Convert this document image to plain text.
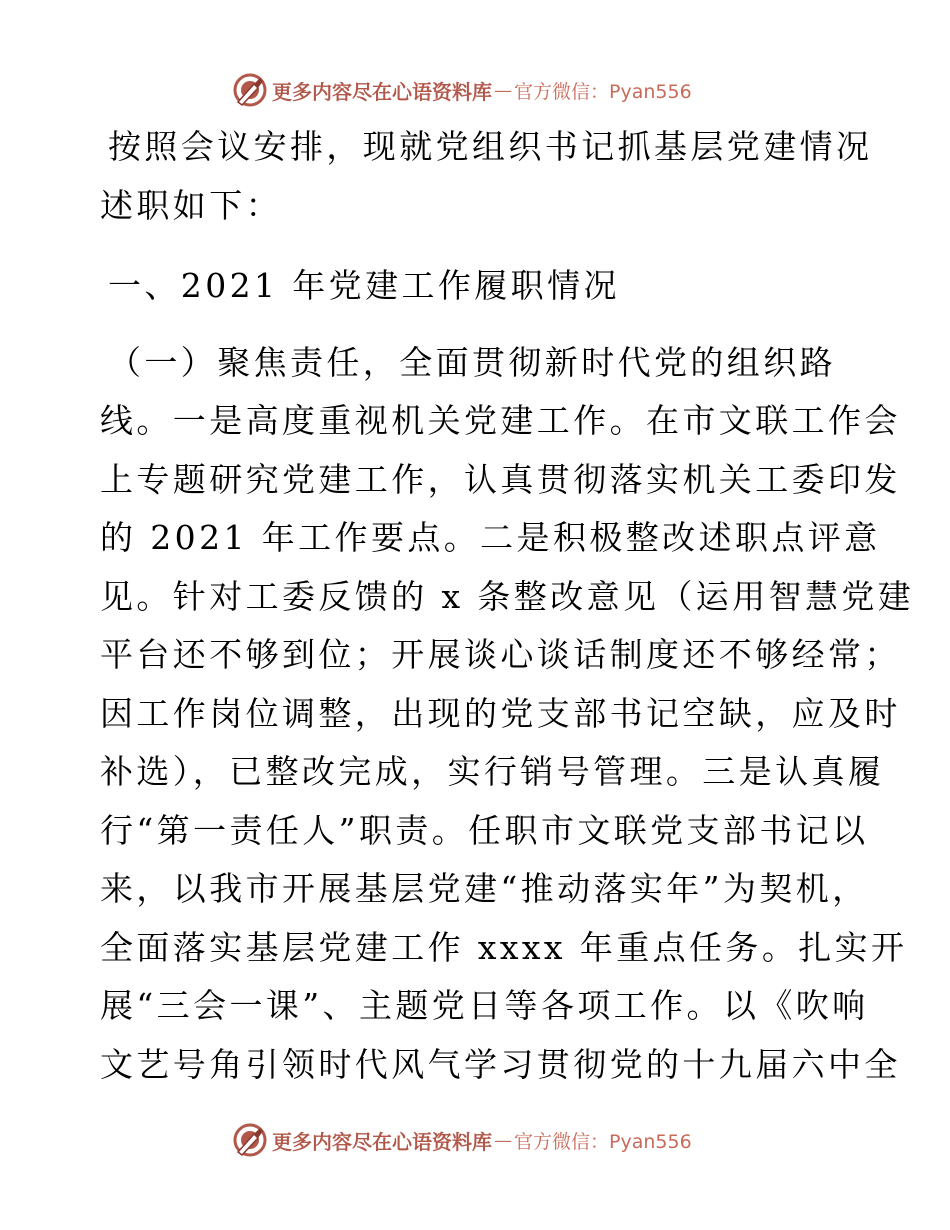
更多内容尽在心语资料库 — 官方微信：Pyan556
按照会议安排，现就党组织书记抓基层党建情况
述职如下：
一、2021 年党建工作履职情况
（一）聚焦责任，全面贯彻新时代党的组织路
线。一是高度重视机关党建工作。在市文联工作会
上专题研究党建工作，认真贯彻落实机关工委印发
的 2021 年工作要点。二是积极整改述职点评意
见。针对工委反馈的 x 条整改意见（运用智慧党建
平台还不够到位；开展谈心谈话制度还不够经常；
因工作岗位调整，出现的党支部书记空缺，应及时
补选），已整改完成，实行销号管理。三是认真履
行“第一责任人”职责。任职市文联党支部书记以
来，以我市开展基层党建“推动落实年”为契机，
全面落实基层党建工作 xxxx 年重点任务。扎实开
展“三会一课”、主题党日等各项工作。以《吹响
文艺号角引领时代风气学习贯彻党的十九届六中全
更多内容尽在心语资料库 — 官方微信：Pyan556
